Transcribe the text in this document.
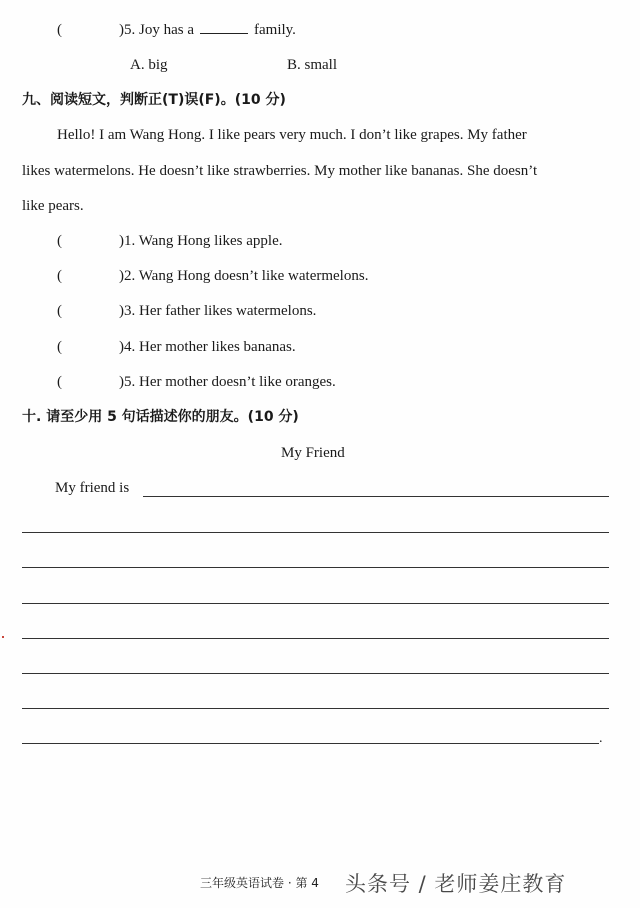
(	)5. Joy has a	family.
A. big	B. small
九、阅读短文，判断正(T)误(F)。(10 分)
Hello! I am Wang Hong. I like pears very much. I don’t like grapes. My father
likes watermelons. He doesn’t like strawberries. My mother like bananas. She doesn’t
like pears.
(	)1. Wang Hong likes apple.
(	)2. Wang Hong doesn’t like watermelons.
(	)3. Her father likes watermelons.
(	)4. Her mother likes bananas.
(	)5. Her mother doesn’t like oranges.
十. 请至少用 5 句话描述你的朋友。(10 分)
My Friend
My friend is
.
三年级英语试卷 · 第 4 头条号 / 老师姜庄教育
